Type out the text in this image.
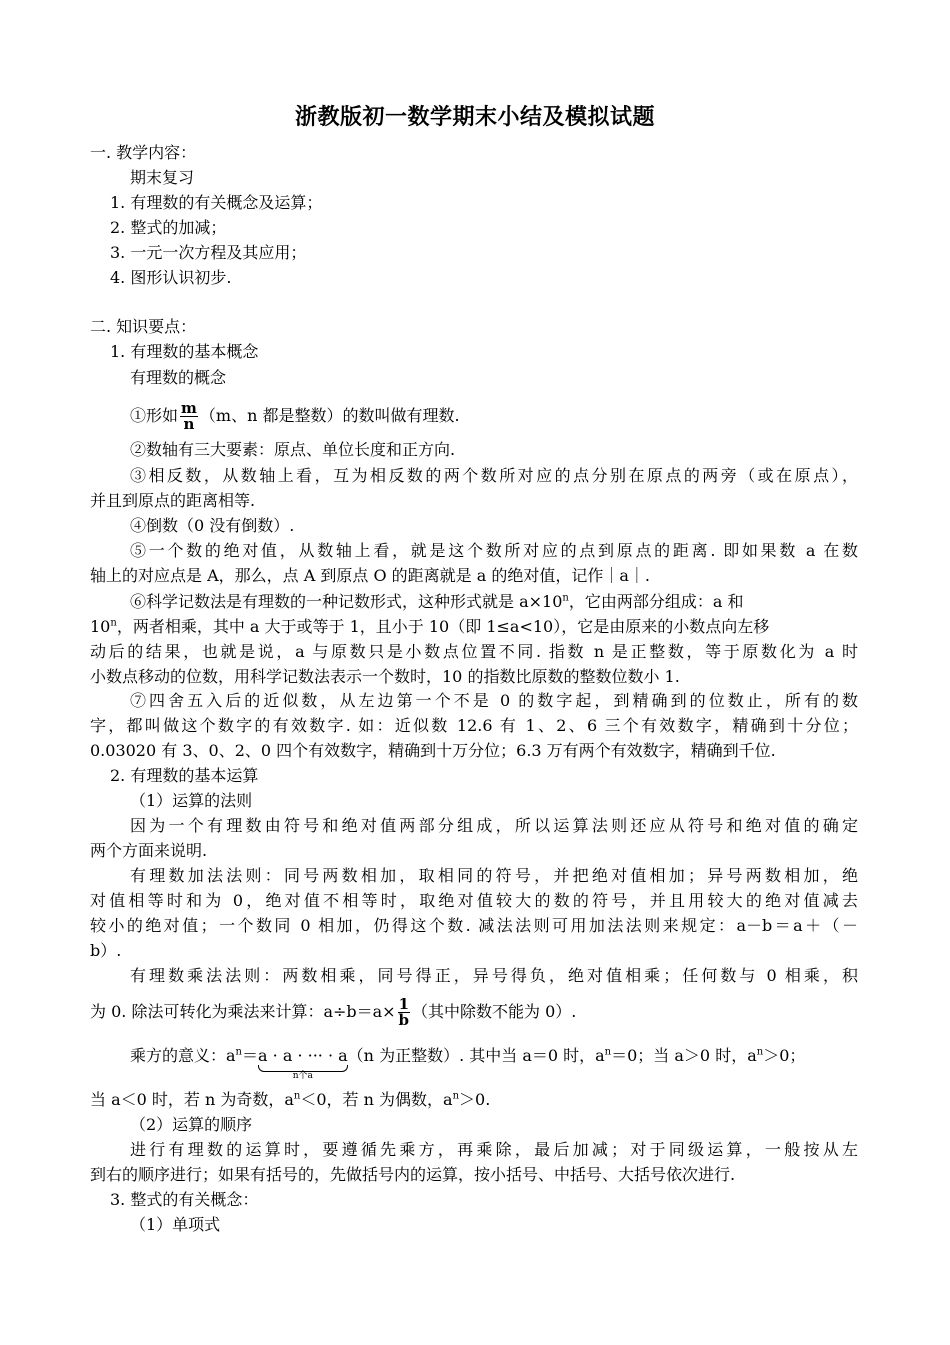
浙教版初一数学期末小结及模拟试题
一. 教学内容：
期末复习
1. 有理数的有关概念及运算；
2. 整式的加减；
3. 一元一次方程及其应用；
4. 图形认识初步.
二. 知识要点：
1. 有理数的基本概念
有理数的概念
①形如 $\frac{m}{n} (m$、n 都是整数）的数叫做有理数.
②数轴有三大要素：原点、单位长度和正方向.
③相反数，从数轴上看，互为相反数的两个数所对应的点分别在原点的两旁（或在原点），
并且到原点的距离相等.
④倒数（0 没有倒数）.
⑤一个数的绝对值，从数轴上看，就是这个数所对应的点到原点的距离. 即如果数 a 在数
轴上的对应点是 A，那么，点 A 到原点 O 的距离就是 a 的绝对值，记作｜a｜.
⑥科学记数法是有理数的一种记数形式，这种形式就是 $a\times 10^n$，它由两部分组成：a 和
10$^n$，两者相乘，其中 a 大于或等于 1，且小于 10（即 1≤a<10），它是由原来的小数点向左移
动后的结果，也就是说，a 与原数只是小数点位置不同. 指数 n 是正整数，等于原数化为 a 时
小数点移动的位数，用科学记数法表示一个数时，10 的指数比原数的整数位数小 1.
⑦四舍五入后的近似数，从左边第一个不是 0 的数字起，到精确到的位数止，所有的数
字，都叫做这个数字的有效数字. 如：近似数 12.6 有 1、2、6 三个有效数字，精确到十分位；
0.03020 有 3、0、2、0 四个有效数字，精确到十万分位；6.3 万有两个有效数字，精确到千位.
2. 有理数的基本运算
（1）运算的法则
因为一个有理数由符号和绝对值两部分组成，所以运算法则还应从符号和绝对值的确定
两个方面来说明.
有理数加法法则：同号两数相加，取相同的符号，并把绝对值相加；异号两数相加，绝
对值相等时和为 0，绝对值不相等时，取绝对值较大的数的符号，并且用较大的绝对值减去
较小的绝对值；一个数同 0 相加，仍得这个数. 减法法则可用加法法则来规定：a－b＝a＋（－
b）.
有理数乘法法则：两数相乘，同号得正，异号得负，绝对值相乘；任何数与 0 相乘，积
为 0. 除法可转化为乘法来计算：$a\div b=a\times \frac{1}{b}$ （其中除数不能为 0）.
乘方的意义：$a^n=a \cdot a$ · ··· · a
n个a
（n 为正整数）. 其中当 a＝0 时，$a^n=0$；当 a＞0 时，$a^n>0$；
当 a＜0 时，若 n 为奇数，$a^n<0$，若 n 为偶数，$a^n>0$.
（2）运算的顺序
进行有理数的运算时，要遵循先乘方，再乘除，最后加减；对于同级运算，一般按从左
到右的顺序进行；如果有括号的，先做括号内的运算，按小括号、中括号、大括号依次进行.
3. 整式的有关概念：
（1）单项式
